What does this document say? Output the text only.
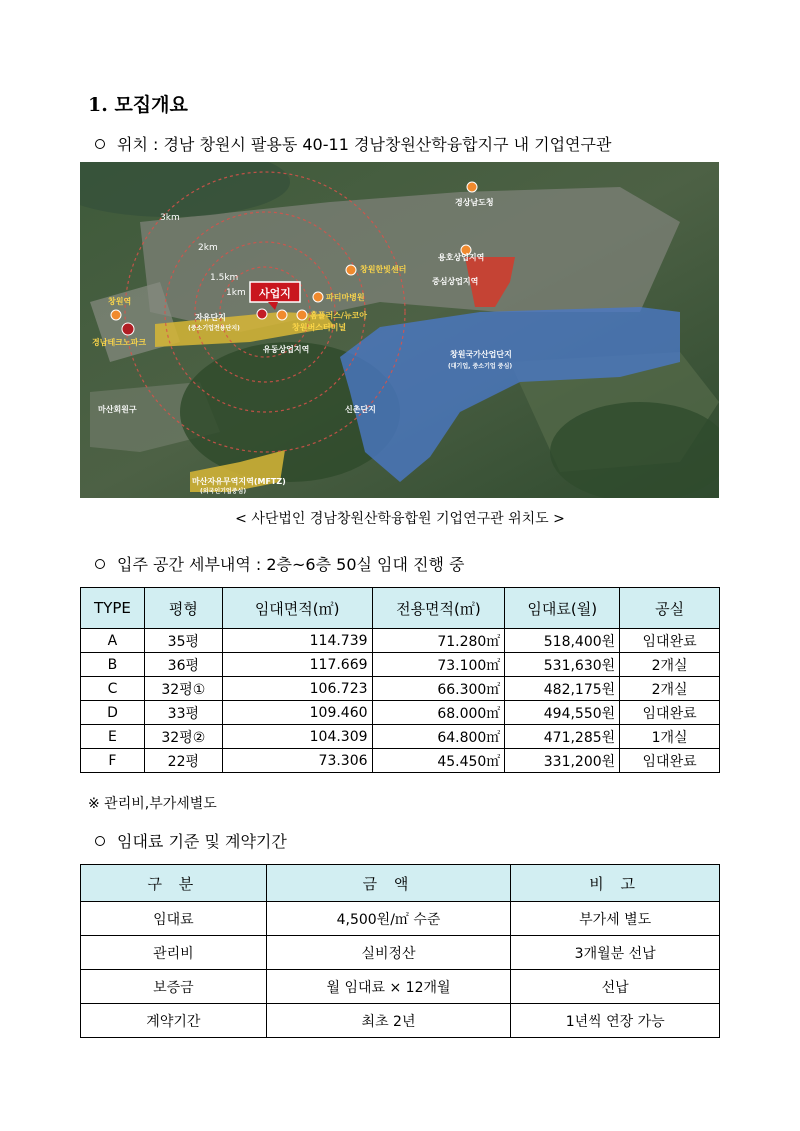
1. 모집개요
위치 : 경남 창원시 팔용동 40-11 경남창원산학융합지구 내 기업연구관
3km
2km
1.5km
1km 사업지
경상남도청
용호상업지역
중심상업지역
창원한빛센터
파티마병원
홈플러스/뉴코아
창원버스터미널
창원역
경남테크노파크
자유단지
(중소기업전용단지)
유동상업지역
창원국가산업단지
(대기업, 중소기업 중심)
신촌단지
마산회원구
마산자유무역지역(MFTZ)
(외국인기업중심)
< 사단법인 경남창원산학융합원 기업연구관 위치도 >
입주 공간 세부내역 : 2층~6층 50실 임대 진행 중
TYPE	평형	임대면적(㎡)	전용면적(㎡)	임대료(월)	공실
A	35평	114.739	71.280㎡	518,400원	임대완료
B	36평	117.669	73.100㎡	531,630원	2개실
C	32평①	106.723	66.300㎡	482,175원	2개실
D	33평	109.460	68.000㎡	494,550원	임대완료
E	32평②	104.309	64.800㎡	471,285원	1개실
F	22평	73.306	45.450㎡	331,200원	임대완료
※ 관리비,부가세별도
임대료 기준 및 계약기간
구 분	금 액	비 고
임대료	4,500원/㎡ 수준	부가세 별도
관리비	실비정산	3개월분 선납
보증금	월 임대료 × 12개월	선납
계약기간	최초 2년	1년씩 연장 가능
